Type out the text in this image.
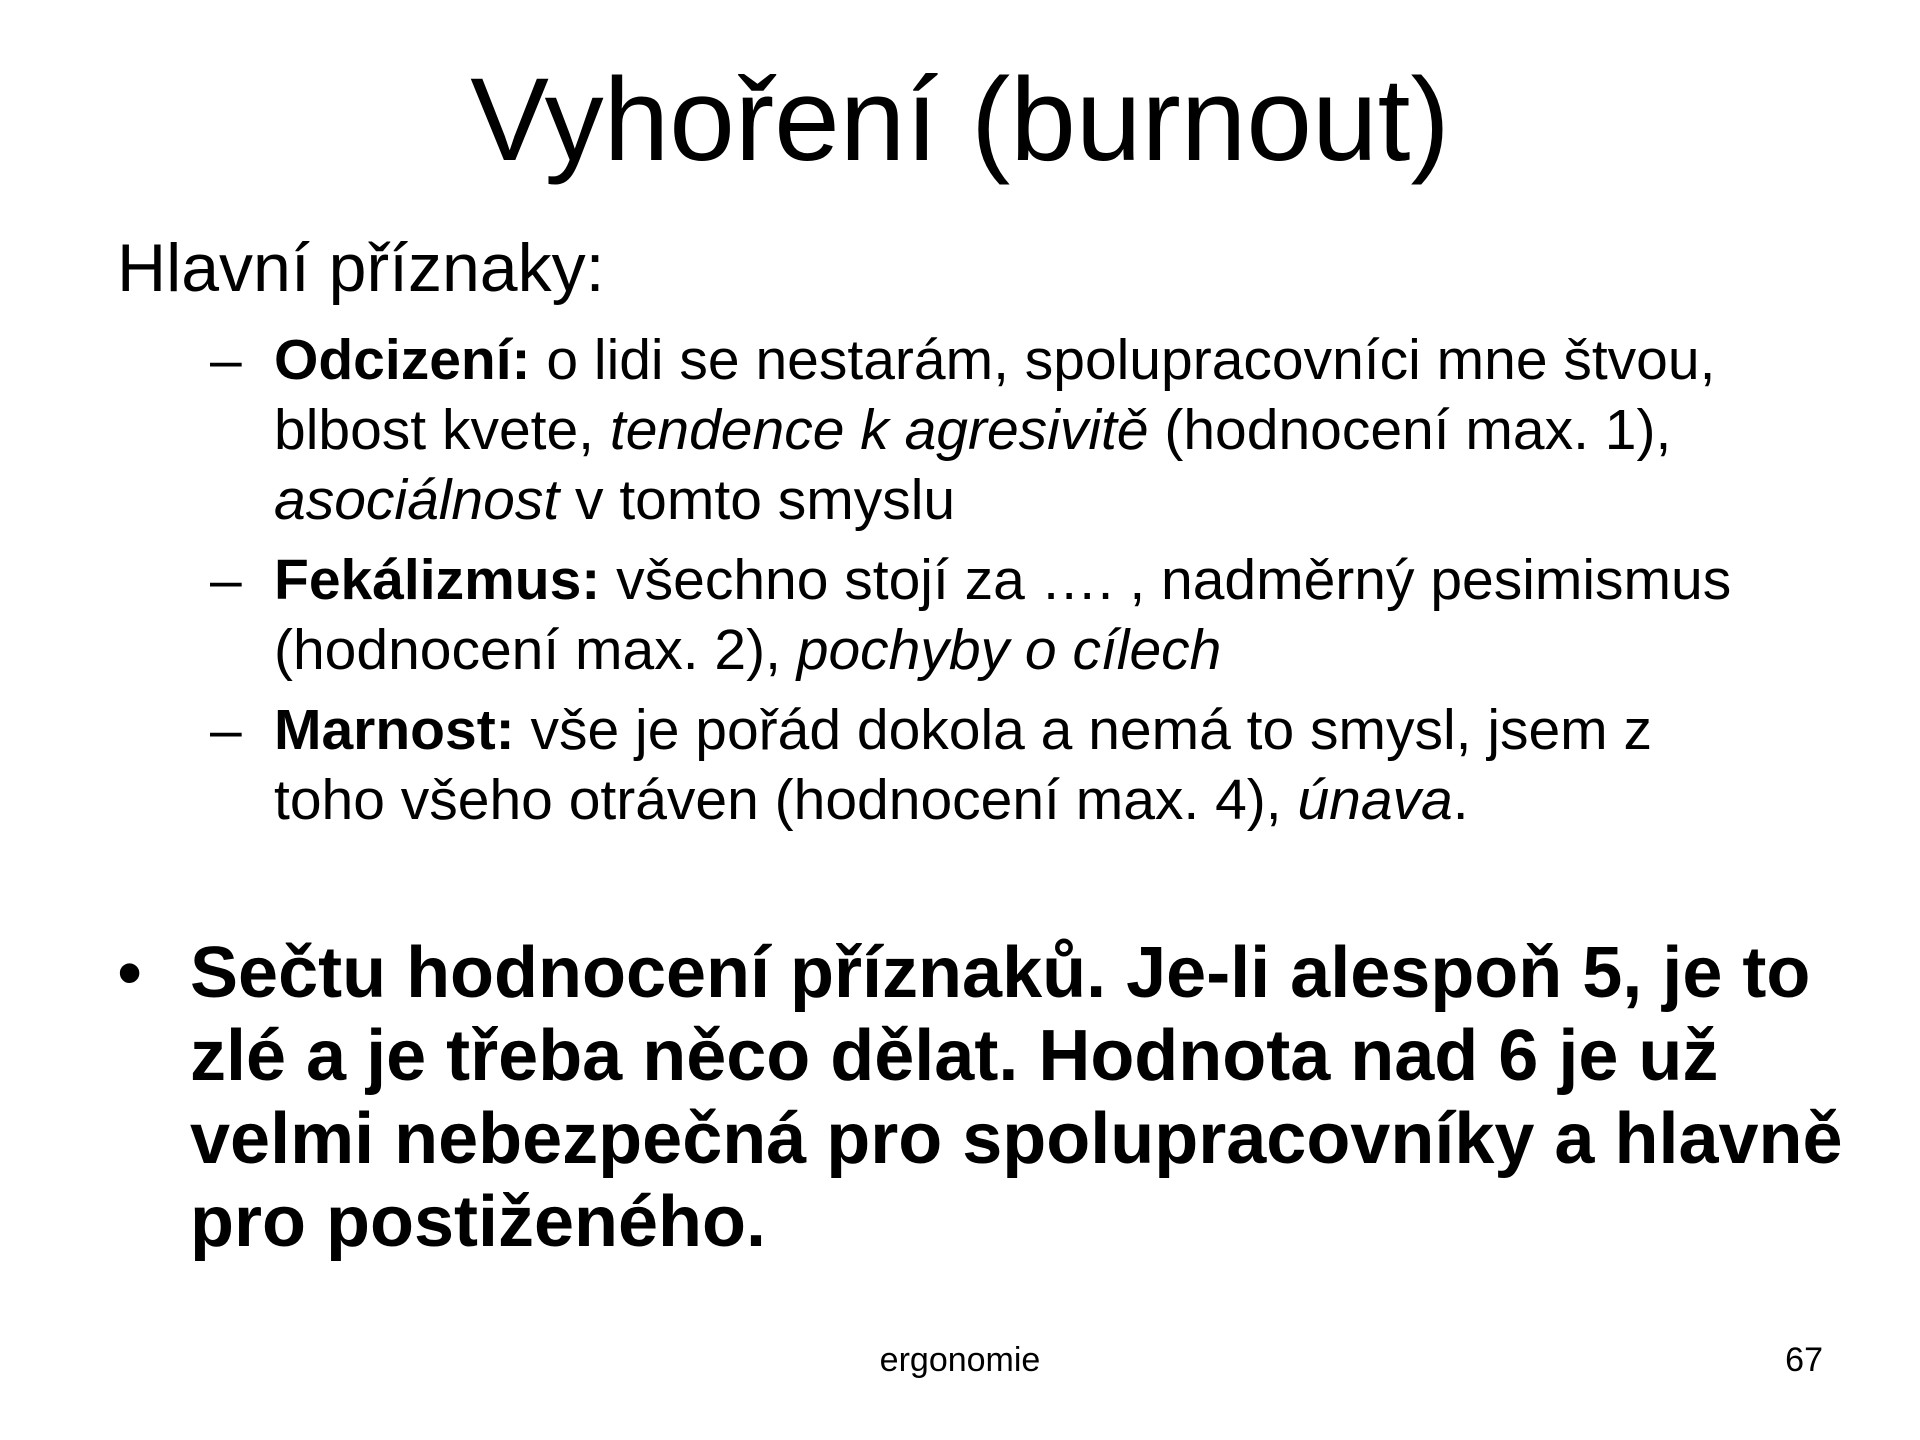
Vyhoření (burnout)

Hlavní příznaky:

– Odcizení: o lidi se nestarám, spolupracovníci mne štvou, blbost kvete, tendence k agresivitě (hodnocení max. 1), asociálnost v tomto smyslu
– Fekálizmus: všechno stojí za …. , nadměrný pesimismus (hodnocení max. 2), pochyby o cílech
– Marnost: vše je pořád dokola a nemá to smysl, jsem z toho všeho otráven (hodnocení max. 4), únava.

• Sečtu hodnocení příznaků. Je-li alespoň 5, je to zlé a je třeba něco dělat. Hodnota nad 6 je už velmi nebezpečná pro spolupracovníky a hlavně pro postiženého.

ergonomie	67
